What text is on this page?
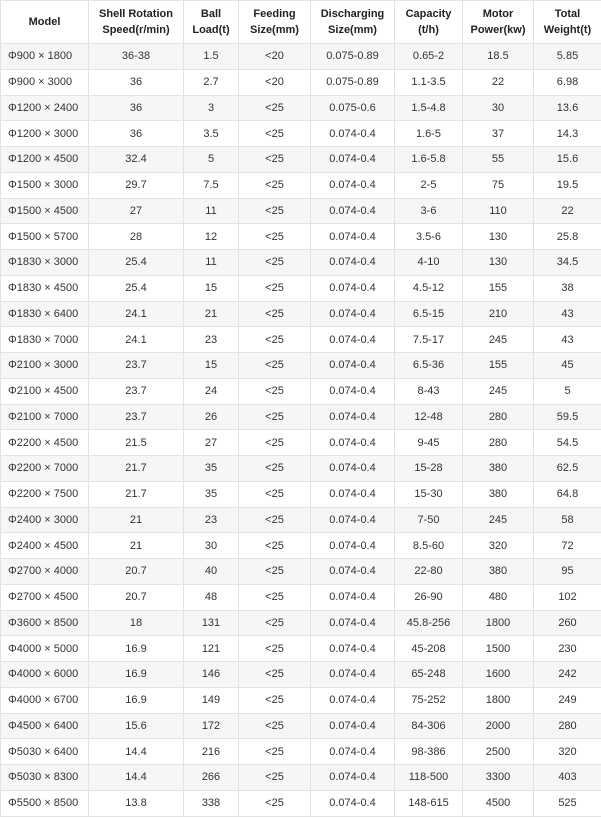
Model	Shell Rotation Speed(r/min)	Ball Load(t)	Feeding Size(mm)	Discharging Size(mm)	Capacity (t/h)	Motor Power(kw)	Total Weight(t)
Φ900 × 1800	36-38	1.5	<20	0.075-0.89	0.65-2	18.5	5.85
Φ900 × 3000	36	2.7	<20	0.075-0.89	1.1-3.5	22	6.98
Φ1200 × 2400	36	3	<25	0.075-0.6	1.5-4.8	30	13.6
Φ1200 × 3000	36	3.5	<25	0.074-0.4	1.6-5	37	14.3
Φ1200 × 4500	32.4	5	<25	0.074-0.4	1.6-5.8	55	15.6
Φ1500 × 3000	29.7	7.5	<25	0.074-0.4	2-5	75	19.5
Φ1500 × 4500	27	11	<25	0.074-0.4	3-6	110	22
Φ1500 × 5700	28	12	<25	0.074-0.4	3.5-6	130	25.8
Φ1830 × 3000	25.4	11	<25	0.074-0.4	4-10	130	34.5
Φ1830 × 4500	25.4	15	<25	0.074-0.4	4.5-12	155	38
Φ1830 × 6400	24.1	21	<25	0.074-0.4	6.5-15	210	43
Φ1830 × 7000	24.1	23	<25	0.074-0.4	7.5-17	245	43
Φ2100 × 3000	23.7	15	<25	0.074-0.4	6.5-36	155	45
Φ2100 × 4500	23.7	24	<25	0.074-0.4	8-43	245	5
Φ2100 × 7000	23.7	26	<25	0.074-0.4	12-48	280	59.5
Φ2200 × 4500	21.5	27	<25	0.074-0.4	9-45	280	54.5
Φ2200 × 7000	21.7	35	<25	0.074-0.4	15-28	380	62.5
Φ2200 × 7500	21.7	35	<25	0.074-0.4	15-30	380	64.8
Φ2400 × 3000	21	23	<25	0.074-0.4	7-50	245	58
Φ2400 × 4500	21	30	<25	0.074-0.4	8.5-60	320	72
Φ2700 × 4000	20.7	40	<25	0.074-0.4	22-80	380	95
Φ2700 × 4500	20.7	48	<25	0.074-0.4	26-90	480	102
Φ3600 × 8500	18	131	<25	0.074-0.4	45.8-256	1800	260
Φ4000 × 5000	16.9	121	<25	0.074-0.4	45-208	1500	230
Φ4000 × 6000	16.9	146	<25	0.074-0.4	65-248	1600	242
Φ4000 × 6700	16.9	149	<25	0.074-0.4	75-252	1800	249
Φ4500 × 6400	15.6	172	<25	0.074-0.4	84-306	2000	280
Φ5030 × 6400	14.4	216	<25	0.074-0.4	98-386	2500	320
Φ5030 × 8300	14.4	266	<25	0.074-0.4	118-500	3300	403
Φ5500 × 8500	13.8	338	<25	0.074-0.4	148-615	4500	525
